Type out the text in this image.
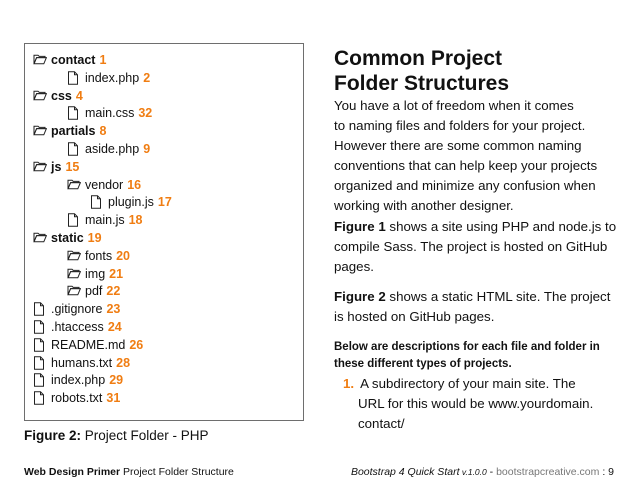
contact 1
index.php 2
css 4
main.css 32
partials 8
aside.php 9
js 15
vendor 16
plugin.js 17
main.js 18
static 19
fonts 20
img 21
pdf 22
.gitignore 23
.htaccess 24
README.md 26
humans.txt 28
index.php 29
robots.txt 31
Figure 2: Project Folder - PHP
Common Project
Folder Structures
You have a lot of freedom when it comes
to naming files and folders for your project.
However there are some common naming
conventions that can help keep your projects
organized and minimize any confusion when
working with another designer.
Figure 1 shows a site using PHP and node.js to
compile Sass. The project is hosted on GitHub
pages.
Figure 2 shows a static HTML site. The project
is hosted on GitHub pages.
Below are descriptions for each file and folder in
these different types of projects.
1. A subdirectory of your main site. The
URL for this would be www.yourdomain.
contact/
Web Design Primer Project Folder Structure	Bootstrap 4 Quick Start v.1.0.0 - bootstrapcreative.com : 9
